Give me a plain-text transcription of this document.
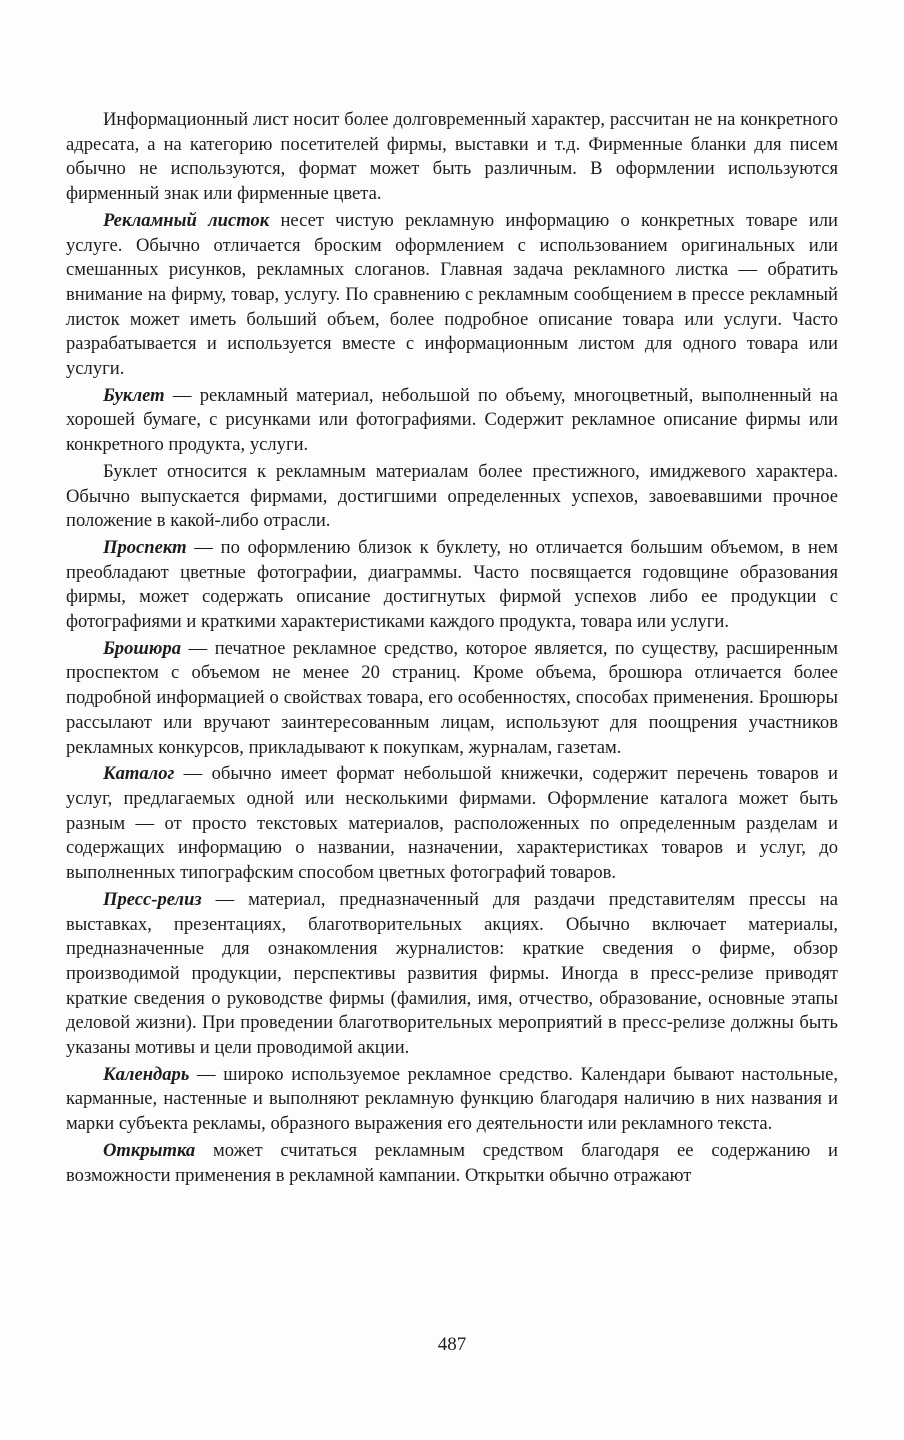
Информационный лист носит более долговременный характер, рассчитан не на конкретного адресата, а на категорию посетителей фирмы, выставки и т.д. Фирменные бланки для писем обычно не используются, формат может быть различным. В оформлении используются фирменный знак или фирменные цвета.

Рекламный листок несет чистую рекламную информацию о конкретных товаре или услуге. Обычно отличается броским оформлением с использованием оригинальных или смешанных рисунков, рекламных слоганов. Главная задача рекламного листка — обратить внимание на фирму, товар, услугу. По сравнению с рекламным сообщением в прессе рекламный листок может иметь больший объем, более подробное описание товара или услуги. Часто разрабатывается и используется вместе с информационным листом для одного товара или услуги.

Буклет — рекламный материал, небольшой по объему, многоцветный, выполненный на хорошей бумаге, с рисунками или фотографиями. Содержит рекламное описание фирмы или конкретного продукта, услуги.

Буклет относится к рекламным материалам более престижного, имиджевого характера. Обычно выпускается фирмами, достигшими определенных успехов, завоевавшими прочное положение в какой-либо отрасли.

Проспект — по оформлению близок к буклету, но отличается большим объемом, в нем преобладают цветные фотографии, диаграммы. Часто посвящается годовщине образования фирмы, может содержать описание достигнутых фирмой успехов либо ее продукции с фотографиями и краткими характеристиками каждого продукта, товара или услуги.

Брошюра — печатное рекламное средство, которое является, по существу, расширенным проспектом с объемом не менее 20 страниц. Кроме объема, брошюра отличается более подробной информацией о свойствах товара, его особенностях, способах применения. Брошюры рассылают или вручают заинтересованным лицам, используют для поощрения участников рекламных конкурсов, прикладывают к покупкам, журналам, газетам.

Каталог — обычно имеет формат небольшой книжечки, содержит перечень товаров и услуг, предлагаемых одной или несколькими фирмами. Оформление каталога может быть разным — от просто текстовых материалов, расположенных по определенным разделам и содержащих информацию о названии, назначении, характеристиках товаров и услуг, до выполненных типографским способом цветных фотографий товаров.

Пресс-релиз — материал, предназначенный для раздачи представителям прессы на выставках, презентациях, благотворительных акциях. Обычно включает материалы, предназначенные для ознакомления журналистов: краткие сведения о фирме, обзор производимой продукции, перспективы развития фирмы. Иногда в пресс-релизе приводят краткие сведения о руководстве фирмы (фамилия, имя, отчество, образование, основные этапы деловой жизни). При проведении благотворительных мероприятий в пресс-релизе должны быть указаны мотивы и цели проводимой акции.

Календарь — широко используемое рекламное средство. Календари бывают настольные, карманные, настенные и выполняют рекламную функцию благодаря наличию в них названия и марки субъекта рекламы, образного выражения его деятельности или рекламного текста.

Открытка может считаться рекламным средством благодаря ее содержанию и возможности применения в рекламной кампании. Открытки обычно отражают

487
